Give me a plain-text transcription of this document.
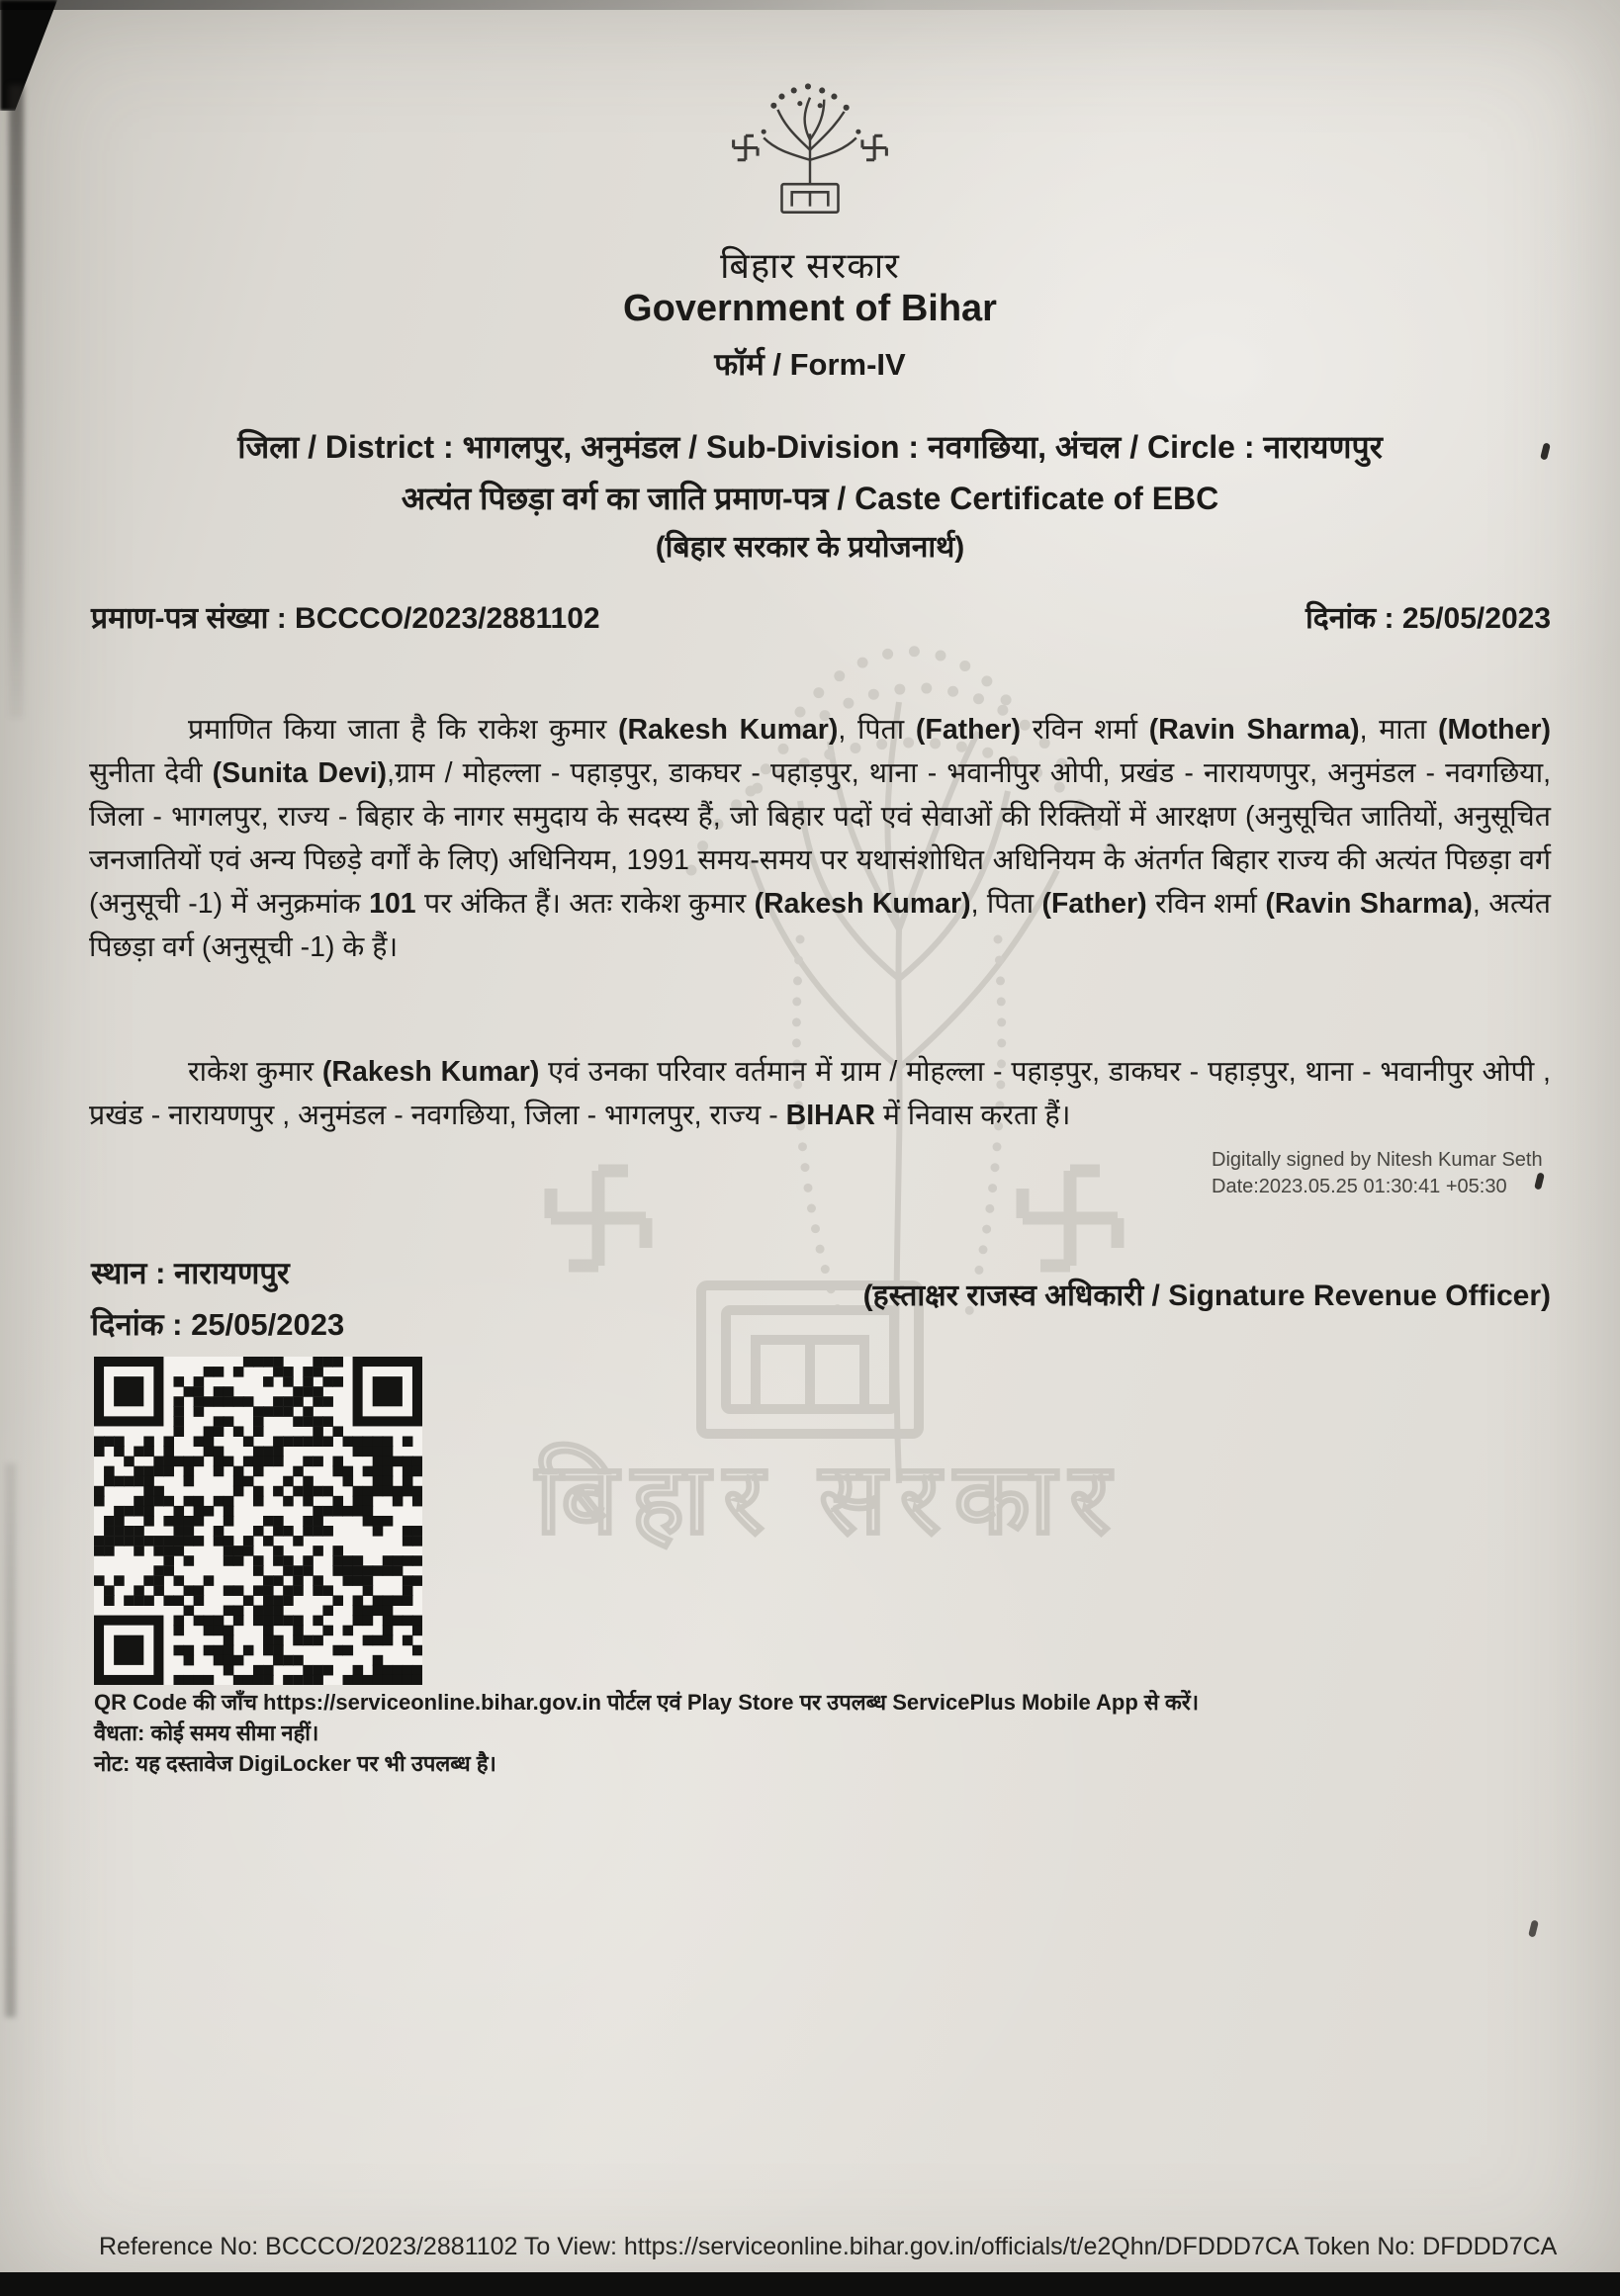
बिहार सरकार
बिहार सरकार
Government of Bihar
फॉर्म / Form-IV
जिला / District : भागलपुर, अनुमंडल / Sub-Division : नवगछिया, अंचल / Circle : नारायणपुर
अत्यंत पिछड़ा वर्ग का जाति प्रमाण-पत्र / Caste Certificate of EBC
(बिहार सरकार के प्रयोजनार्थ)
प्रमाण-पत्र संख्या : BCCCO/2023/2881102	दिनांक : 25/05/2023

प्रमाणित किया जाता है कि राकेश कुमार (Rakesh Kumar), पिता (Father) रविन शर्मा (Ravin Sharma), माता (Mother) सुनीता देवी (Sunita Devi),ग्राम / मोहल्ला - पहाड़पुर, डाकघर - पहाड़पुर, थाना - भवानीपुर ओपी, प्रखंड - नारायणपुर, अनुमंडल - नवगछिया, जिला - भागलपुर, राज्य - बिहार के नागर समुदाय के सदस्य हैं, जो बिहार पदों एवं सेवाओं की रिक्तियों में आरक्षण (अनुसूचित जातियों, अनुसूचित जनजातियों एवं अन्य पिछड़े वर्गों के लिए) अधिनियम, 1991 समय-समय पर यथासंशोधित अधिनियम के अंतर्गत बिहार राज्य की अत्यंत पिछड़ा वर्ग (अनुसूची -1) में अनुक्रमांक 101 पर अंकित हैं। अतः राकेश कुमार (Rakesh Kumar), पिता (Father) रविन शर्मा (Ravin Sharma), अत्यंत पिछड़ा वर्ग (अनुसूची -1) के हैं।

राकेश कुमार (Rakesh Kumar) एवं उनका परिवार वर्तमान में ग्राम / मोहल्ला - पहाड़पुर, डाकघर - पहाड़पुर, थाना - भवानीपुर ओपी , प्रखंड - नारायणपुर , अनुमंडल - नवगछिया, जिला - भागलपुर, राज्य - BIHAR में निवास करता हैं।

Digitally signed by Nitesh Kumar Seth
Date:2023.05.25 01:30:41 +05:30
स्थान : नारायणपुर
दिनांक : 25/05/2023
(हस्ताक्षर राजस्व अधिकारी / Signature Revenue Officer)
QR Code की जाँच https://serviceonline.bihar.gov.in पोर्टल एवं Play Store पर उपलब्ध ServicePlus Mobile App से करें।
वैधता: कोई समय सीमा नहीं।
नोट: यह दस्तावेज DigiLocker पर भी उपलब्ध है।
Reference No: BCCCO/2023/2881102 To View: https://serviceonline.bihar.gov.in/officials/t/e2Qhn/DFDDD7CA Token No: DFDDD7CA
